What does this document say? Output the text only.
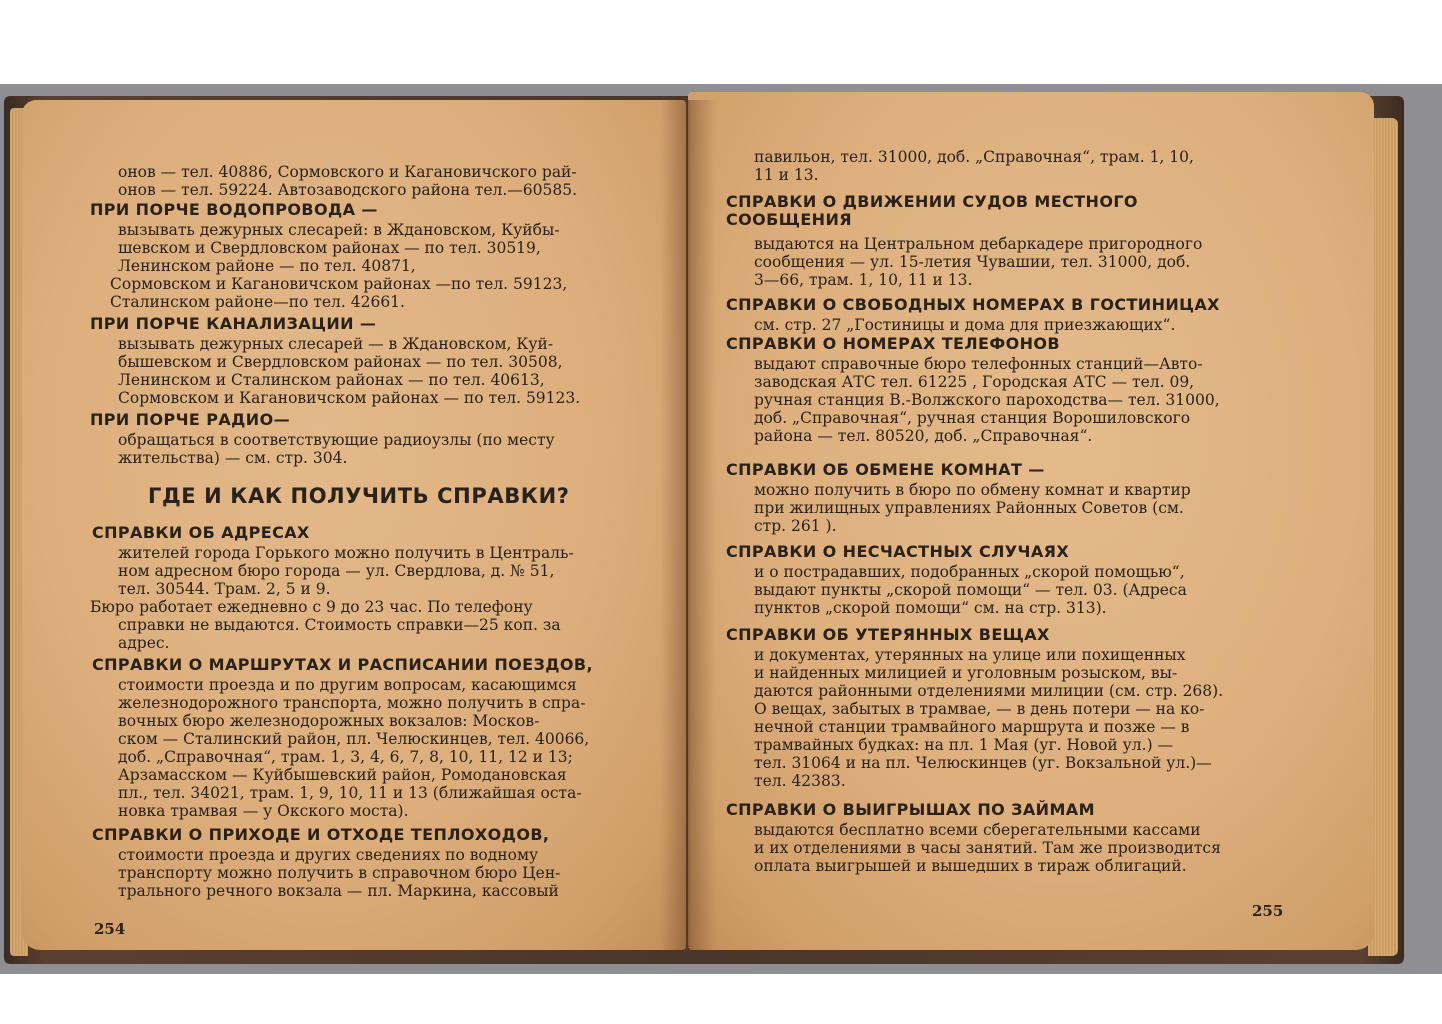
онов — тел. 40886, Сормовского и Кагановичского рай-
онов — тел. 59224. Автозаводского района тел.—60585.
ПРИ ПОРЧЕ ВОДОПРОВОДА —
вызывать дежурных слесарей: в Ждановском, Куйбы-
шевском и Свердловском районах — по тел. 30519,
Ленинском районе — по тел. 40871,
Сормовском и Кагановичском районах —по тел. 59123,
Сталинском районе—по тел. 42661.
ПРИ ПОРЧЕ КАНАЛИЗАЦИИ —
вызывать дежурных слесарей — в Ждановском, Куй-
бышевском и Свердловском районах — по тел. 30508,
Ленинском и Сталинском районах — по тел. 40613,
Сормовском и Кагановичском районах — по тел. 59123.
ПРИ ПОРЧЕ РАДИО—
обращаться в соответствующие радиоузлы (по месту
жительства) — см. стр. 304.
ГДЕ И КАК ПОЛУЧИТЬ СПРАВКИ?
СПРАВКИ ОБ АДРЕСАХ
жителей города Горького можно получить в Централь-
ном адресном бюро города — ул. Свердлова, д. № 51,
тел. 30544. Трам. 2, 5 и 9.
Бюро работает ежедневно с 9 до 23 час. По телефону
справки не выдаются. Стоимость справки—25 коп. за
адрес.
СПРАВКИ О МАРШРУТАХ И РАСПИСАНИИ ПОЕЗДОВ,
стоимости проезда и по другим вопросам, касающимся
железнодорожного транспорта, можно получить в спра-
вочных бюро железнодорожных вокзалов: Москов-
ском — Сталинский район, пл. Челюскинцев, тел. 40066,
доб. „Справочная“, трам. 1, 3, 4, 6, 7, 8, 10, 11, 12 и 13;
Арзамасском — Куйбышевский район, Ромодановская
пл., тел. 34021, трам. 1, 9, 10, 11 и 13 (ближайшая оста-
новка трамвая — у Окского моста).
СПРАВКИ О ПРИХОДЕ И ОТХОДЕ ТЕПЛОХОДОВ,
стоимости проезда и других сведениях по водному
транспорту можно получить в справочном бюро Цен-
трального речного вокзала — пл. Маркина, кассовый
254
павильон, тел. 31000, доб. „Справочная“, трам. 1, 10,
11 и 13.
СПРАВКИ О ДВИЖЕНИИ СУДОВ МЕСТНОГО
СООБЩЕНИЯ
выдаются на Центральном дебаркадере пригородного
сообщения — ул. 15-летия Чувашии, тел. 31000, доб.
3—66, трам. 1, 10, 11 и 13.
СПРАВКИ О СВОБОДНЫХ НОМЕРАХ В ГОСТИНИЦАХ
см. стр. 27 „Гостиницы и дома для приезжающих“.
СПРАВКИ О НОМЕРАХ ТЕЛЕФОНОВ
выдают справочные бюро телефонных станций—Авто-
заводская АТС тел. 61225 , Городская АТС — тел. 09,
ручная станция В.-Волжского пароходства— тел. 31000,
доб. „Справочная“, ручная станция Ворошиловского
района — тел. 80520, доб. „Справочная“.
СПРАВКИ ОБ ОБМЕНЕ КОМНАТ —
можно получить в бюро по обмену комнат и квартир
при жилищных управлениях Районных Советов (см.
стр. 261 ).
СПРАВКИ О НЕСЧАСТНЫХ СЛУЧАЯХ
и о пострадавших, подобранных „скорой помощью“,
выдают пункты „скорой помощи“ — тел. 03. (Адреса
пунктов „скорой помощи“ см. на стр. 313).
СПРАВКИ ОБ УТЕРЯННЫХ ВЕЩАХ
и документах, утерянных на улице или похищенных
и найденных милицией и уголовным розыском, вы-
даются районными отделениями милиции (см. стр. 268).
О вещах, забытых в трамвае, — в день потери — на ко-
нечной станции трамвайного маршрута и позже — в
трамвайных будках: на пл. 1 Мая (уг. Новой ул.) —
тел. 31064 и на пл. Челюскинцев (уг. Вокзальной ул.)—
тел. 42383.
СПРАВКИ О ВЫИГРЫШАХ ПО ЗАЙМАМ
выдаются бесплатно всеми сберегательными кассами
и их отделениями в часы занятий. Там же производится
оплата выигрышей и вышедших в тираж облигаций.
255
